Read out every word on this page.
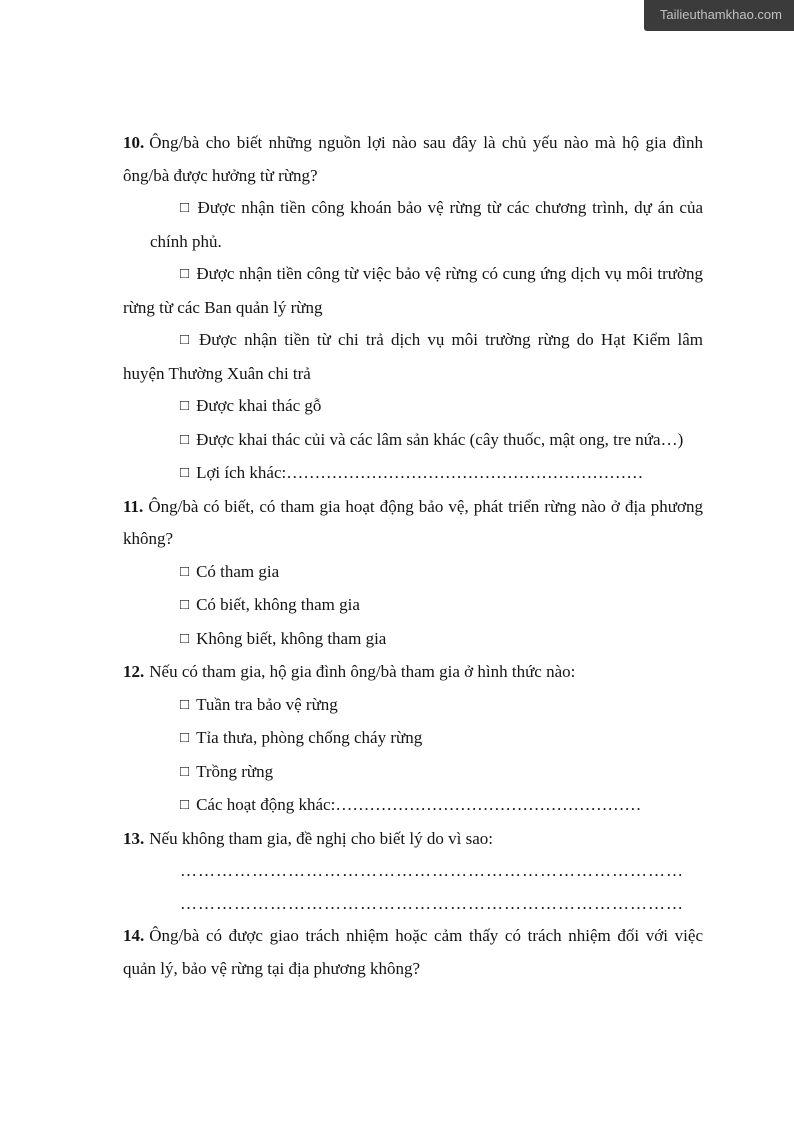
Tailieuthamkhao.com

10. Ông/bà cho biết những nguồn lợi nào sau đây là chủ yếu nào mà hộ gia đình ông/bà được hưởng từ rừng?

□ Được nhận tiền công khoán bảo vệ rừng từ các chương trình, dự án của chính phủ.

□ Được nhận tiền công từ việc bảo vệ rừng có cung ứng dịch vụ môi trường rừng từ các Ban quản lý rừng

□ Được nhận tiền từ chi trả dịch vụ môi trường rừng do Hạt Kiểm lâm huyện Thường Xuân chi trả

□ Được khai thác gỗ

□ Được khai thác củi và các lâm sản khác (cây thuốc, mật ong, tre nứa…)

□ Lợi ích khác:………………………………………………………

11. Ông/bà có biết, có tham gia hoạt động bảo vệ, phát triển rừng nào ở địa phương không?

□ Có tham gia

□ Có biết, không tham gia

□ Không biết, không tham gia

12. Nếu có tham gia, hộ gia đình ông/bà tham gia ở hình thức nào:

□ Tuần tra bảo vệ rừng

□ Tỉa thưa, phòng chống cháy rừng

□ Trồng rừng

□ Các hoạt động khác:………………………………………………

13. Nếu không tham gia, đề nghị cho biết lý do vì sao:

…………………………………………………………………………

…………………………………………………………………………

14. Ông/bà có được giao trách nhiệm hoặc cảm thấy có trách nhiệm đối với việc quản lý, bảo vệ rừng tại địa phương không?
